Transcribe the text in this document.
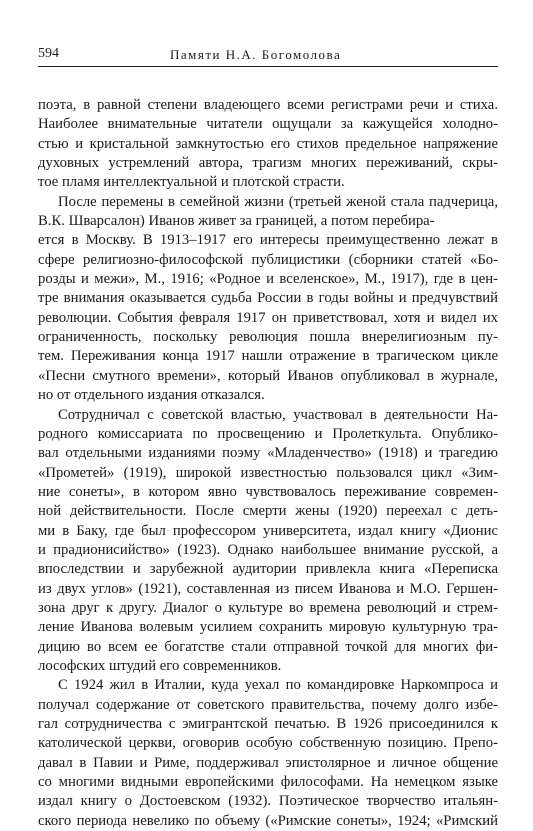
594	Памяти Н.А. Богомолова
поэта, в равной степени владеющего всеми регистрами речи и стиха.
Наиболее внимательные читатели ощущали за кажущейся холодно-
стью и кристальной замкнутостью его стихов предельное напряжение
духовных устремлений автора, трагизм многих переживаний, скры-
тое пламя интеллектуальной и плотской страсти.
После перемены в семейной жизни (третьей женой стала падчерица, В.К. Шварсалон) Иванов живет за границей, а потом перебира-
ется в Москву. В 1913–1917 его интересы преимущественно лежат в
сфере религиозно-философской публицистики (сборники статей «Бо-
розды и межи», М., 1916; «Родное и вселенское», М., 1917), где в цен-
тре внимания оказывается судьба России в годы войны и предчувствий
революции. События февраля 1917 он приветствовал, хотя и видел их
ограниченность, поскольку революция пошла внерелигиозным пу-
тем. Переживания конца 1917 нашли отражение в трагическом цикле
«Песни смутного времени», который Иванов опубликовал в журнале,
но от отдельного издания отказался.
Сотрудничал с советской властью, участвовал в деятельности На-
родного комиссариата по просвещению и Пролеткульта. Опублико-
вал отдельными изданиями поэму «Младенчество» (1918) и трагедию
«Прометей» (1919), широкой известностью пользовался цикл «Зим-
ние сонеты», в котором явно чувствовалось переживание современ-
ной действительности. После смерти жены (1920) переехал с деть-
ми в Баку, где был профессором университета, издал книгу «Дионис
и прадионисийство» (1923). Однако наибольшее внимание русской, а
впоследствии и зарубежной аудитории привлекла книга «Переписка
из двух углов» (1921), составленная из писем Иванова и М.О. Гершен-
зона друг к другу. Диалог о культуре во времена революций и стрем-
ление Иванова волевым усилием сохранить мировую культурную тра-
дицию во всем ее богатстве стали отправной точкой для многих фи-
лософских штудий его современников.
С 1924 жил в Италии, куда уехал по командировке Наркомпроса и
получал содержание от советского правительства, почему долго избе-
гал сотрудничества с эмигрантской печатью. В 1926 присоединился к
католической церкви, оговорив особую собственную позицию. Препо-
давал в Павии и Риме, поддерживал эпистолярное и личное общение
со многими видными европейскими философами. На немецком языке
издал книгу о Достоевском (1932). Поэтическое творчество итальян-
ского периода невелико по объему («Римские сонеты», 1924; «Римский
